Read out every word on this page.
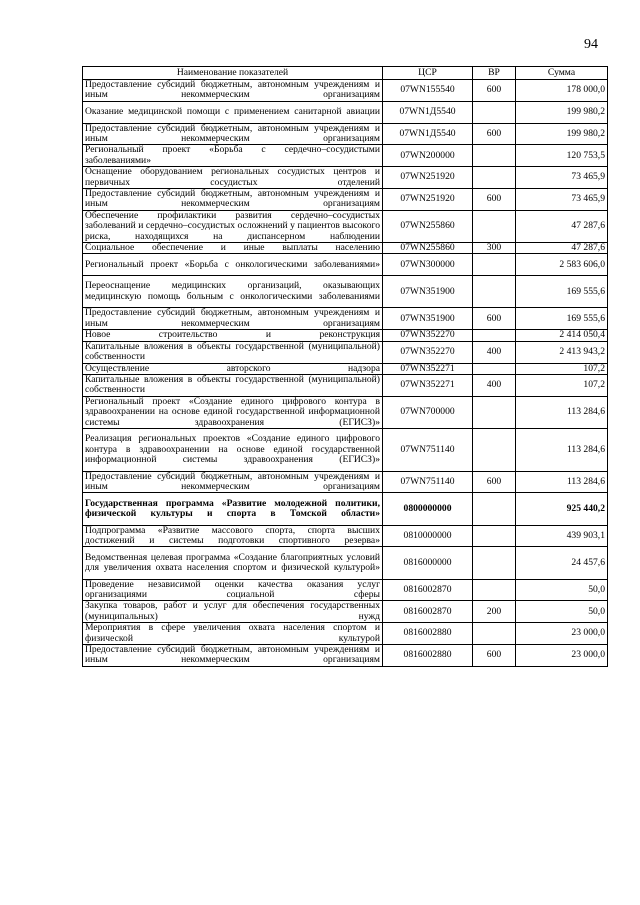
94
Наименование показателей	ЦСР	ВР	Сумма
Предоставление субсидий бюджетным, автономным учреждениям и иным некоммерческим организациям	07WN155540	600	178 000,0
Оказание медицинской помощи с применением санитарной авиации	07WN1Д5540		199 980,2
Предоставление субсидий бюджетным, автономным учреждениям и иным некоммерческим организациям	07WN1Д5540	600	199 980,2
Региональный проект «Борьба с сердечно–сосудистыми заболеваниями»	07WN200000		120 753,5
Оснащение оборудованием региональных сосудистых центров и первичных сосудистых отделений	07WN251920		73 465,9
Предоставление субсидий бюджетным, автономным учреждениям и иным некоммерческим организациям	07WN251920	600	73 465,9
Обеспечение профилактики развития сердечно–сосудистых заболеваний и сердечно–сосудистых осложнений у пациентов высокого риска, находящихся на диспансерном наблюдении	07WN255860		47 287,6
Социальное обеспечение и иные выплаты населению	07WN255860	300	47 287,6
Региональный проект «Борьба с онкологическими заболеваниями»	07WN300000		2 583 606,0
Переоснащение медицинских организаций, оказывающих медицинскую помощь больным с онкологическими заболеваниями	07WN351900		169 555,6
Предоставление субсидий бюджетным, автономным учреждениям и иным некоммерческим организациям	07WN351900	600	169 555,6
Новое строительство и реконструкция	07WN352270		2 414 050,4
Капитальные вложения в объекты государственной (муниципальной) собственности	07WN352270	400	2 413 943,2
Осуществление авторского надзора	07WN352271		107,2
Капитальные вложения в объекты государственной (муниципальной) собственности	07WN352271	400	107,2
Региональный проект «Создание единого цифрового контура в здравоохранении на основе единой государственной информационной системы здравоохранения (ЕГИСЗ)»	07WN700000		113 284,6
Реализация региональных проектов «Создание единого цифрового контура в здравоохранении на основе единой государственной информационной системы здравоохранения (ЕГИСЗ)»	07WN751140		113 284,6
Предоставление субсидий бюджетным, автономным учреждениям и иным некоммерческим организациям	07WN751140	600	113 284,6
Государственная программа «Развитие молодежной политики, физической культуры и спорта в Томской области»	0800000000		925 440,2
Подпрограмма «Развитие массового спорта, спорта высших достижений и системы подготовки спортивного резерва»	0810000000		439 903,1
Ведомственная целевая программа «Создание благоприятных условий для увеличения охвата населения спортом и физической культурой»	0816000000		24 457,6
Проведение независимой оценки качества оказания услуг организациями социальной сферы	0816002870		50,0
Закупка товаров, работ и услуг для обеспечения государственных (муниципальных) нужд	0816002870	200	50,0
Мероприятия в сфере увеличения охвата населения спортом и физической культурой	0816002880		23 000,0
Предоставление субсидий бюджетным, автономным учреждениям и иным некоммерческим организациям	0816002880	600	23 000,0
